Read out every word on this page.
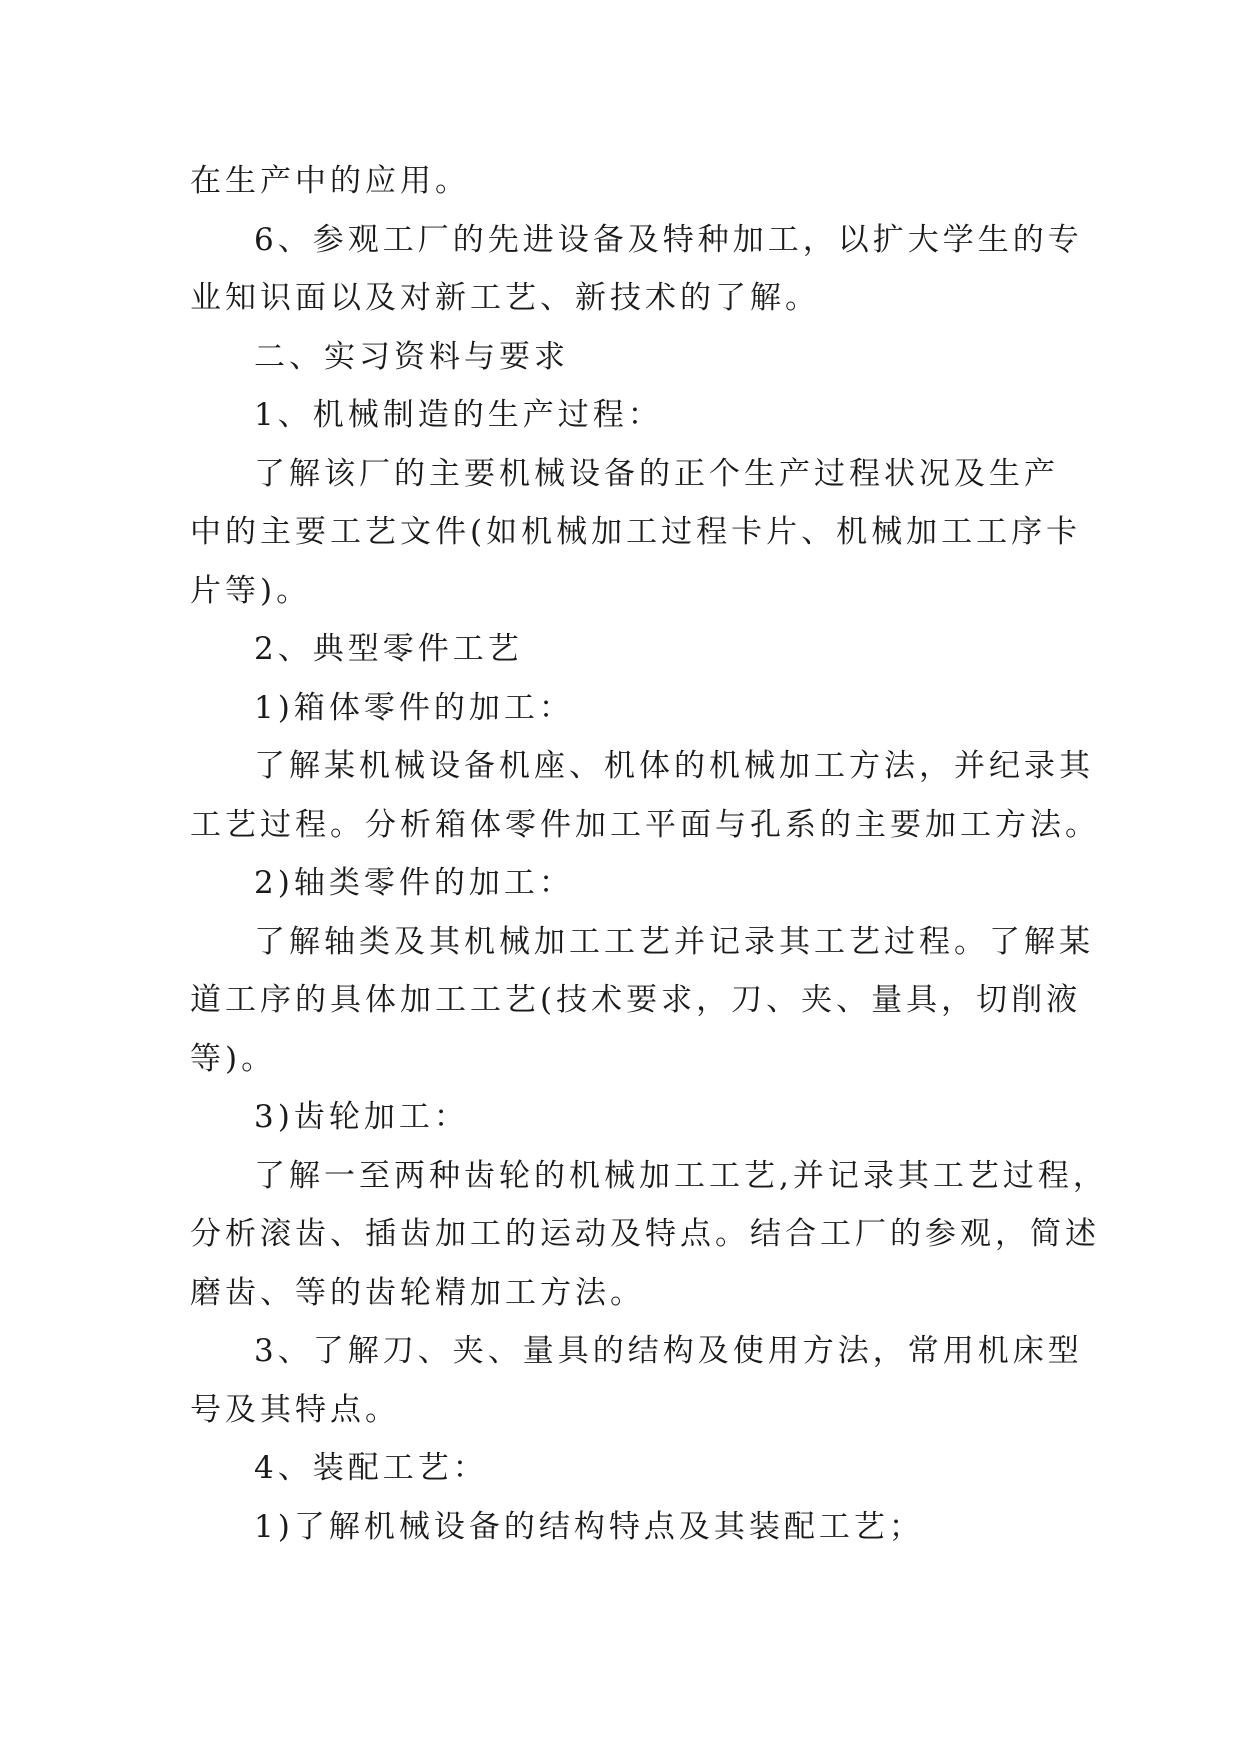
在生产中的应用。
6、参观工厂的先进设备及特种加工，以扩大学生的专
业知识面以及对新工艺、新技术的了解。
二、实习资料与要求
1、机械制造的生产过程：
了解该厂的主要机械设备的正个生产过程状况及生产
中的主要工艺文件(如机械加工过程卡片、机械加工工序卡
片等)。
2、典型零件工艺
1)箱体零件的加工：
了解某机械设备机座、机体的机械加工方法，并纪录其
工艺过程。分析箱体零件加工平面与孔系的主要加工方法。
2)轴类零件的加工：
了解轴类及其机械加工工艺并记录其工艺过程。了解某
道工序的具体加工工艺(技术要求，刀、夹、量具，切削液
等)。
3)齿轮加工：
了解一至两种齿轮的机械加工工艺,并记录其工艺过程，
分析滚齿、插齿加工的运动及特点。结合工厂的参观，简述
磨齿、等的齿轮精加工方法。
3、了解刀、夹、量具的结构及使用方法，常用机床型
号及其特点。
4、装配工艺：
1)了解机械设备的结构特点及其装配工艺；
